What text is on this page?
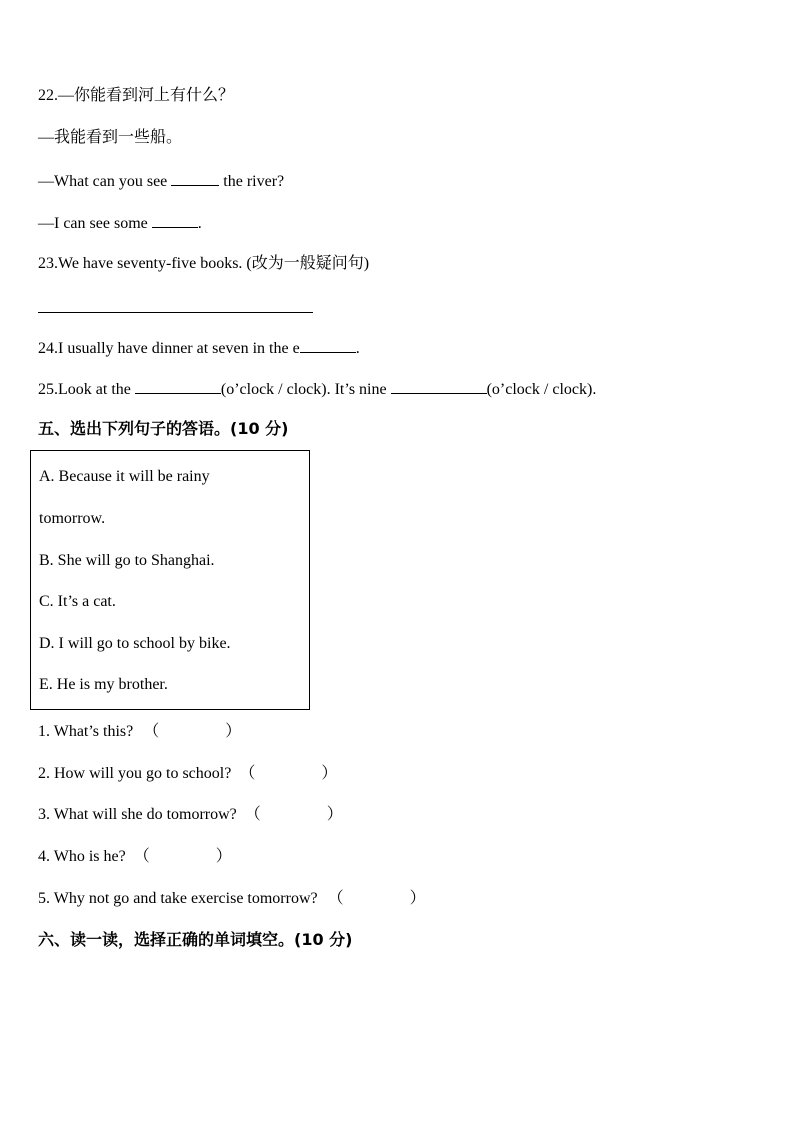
22.—你能看到河上有什么？
—我能看到一些船。
—What can you see	the river?
—I can see some	.
23.We have seventy-five books. (改为一般疑问句)
24.I usually have dinner at seven in the e	.
25.Look at the	(o’clock / clock). It’s nine	(o’clock / clock).
五、选出下列句子的答语。(10 分)
A. Because it will be rainy
tomorrow.
B. She will go to Shanghai.
C. It’s a cat.
D. I will go to school by bike.
E. He is my brother.
1. What’s this? （	）
2. How will you go to school? （	）
3. What will she do tomorrow? （	）
4. Who is he? （	）
5. Why not go and take exercise tomorrow? （	）
六、读一读，选择正确的单词填空。(10 分)
